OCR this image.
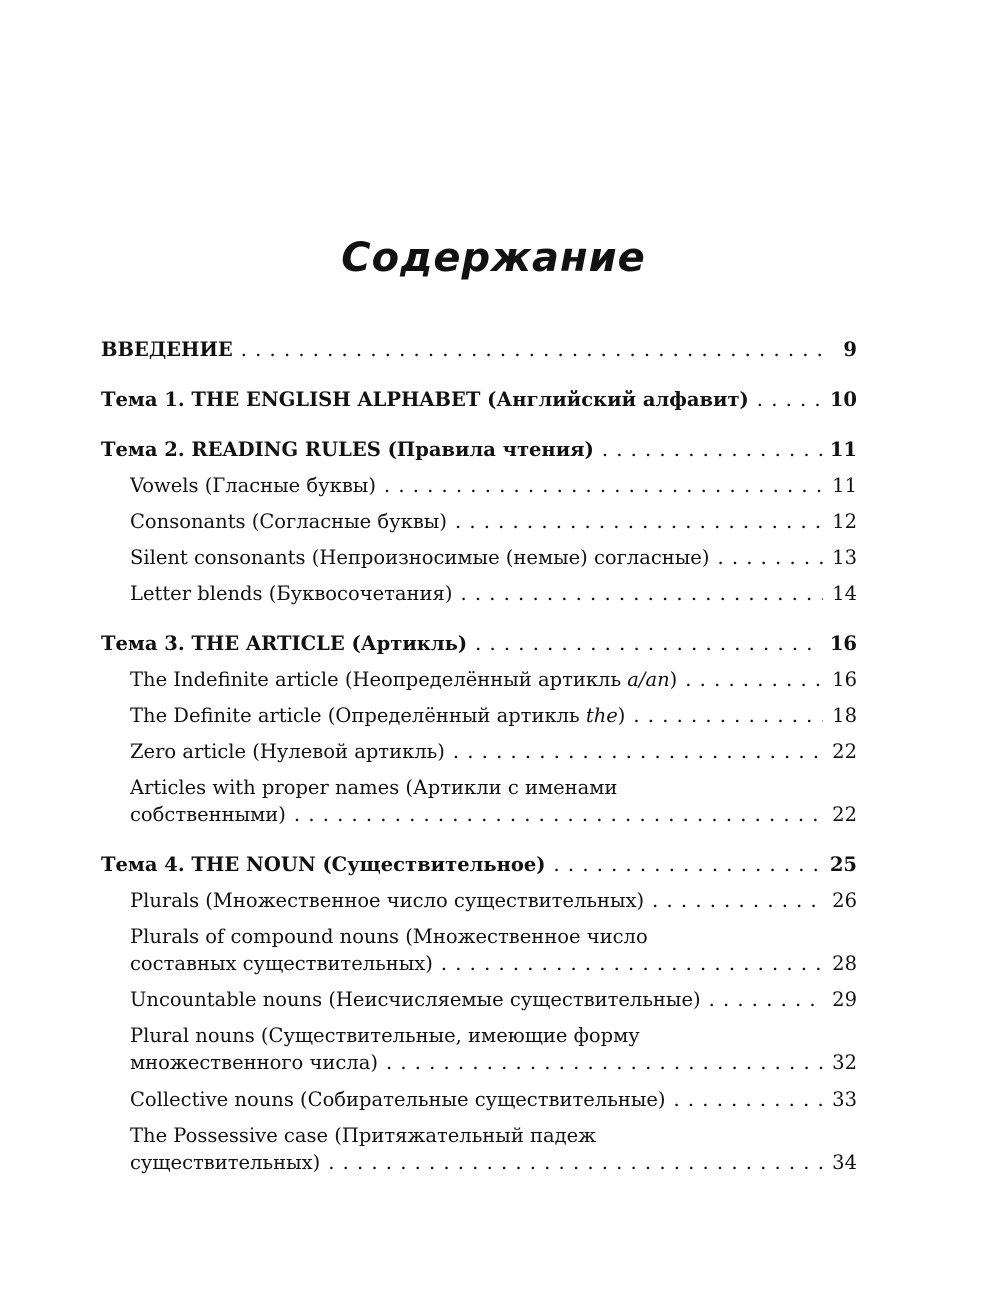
Содержание
ВВЕДЕНИЕ . . .	9
Тема 1. THE ENGLISH ALPHABET (Английский алфавит) . . .	10
Тема 2. READING RULES (Правила чтения) . . .	11
Vowels (Гласные буквы) . . .	11
Consonants (Согласные буквы) . . .	12
Silent consonants (Непроизносимые (немые) согласные) . . .	13
Letter blends (Буквосочетания) . . .	14
Тема 3. THE ARTICLE (Артикль) . . .	16
The Indefinite article (Неопределённый артикль a/an) . . .	16
The Definite article (Определённый артикль the) . . .	18
Zero article (Нулевой артикль) . . .	22
Articles with proper names (Артикли с именами
собственными) . . .	22
Тема 4. THE NOUN (Существительное) . . .	25
Plurals (Множественное число существительных) . . .	26
Plurals of compound nouns (Множественное число
составных существительных) . . .	28
Uncountable nouns (Неисчисляемые существительные) . . .	29
Plural nouns (Существительные, имеющие форму
множественного числа) . . .	32
Collective nouns (Собирательные существительные) . . .	33
The Possessive case (Притяжательный падеж
существительных) . . .	34
